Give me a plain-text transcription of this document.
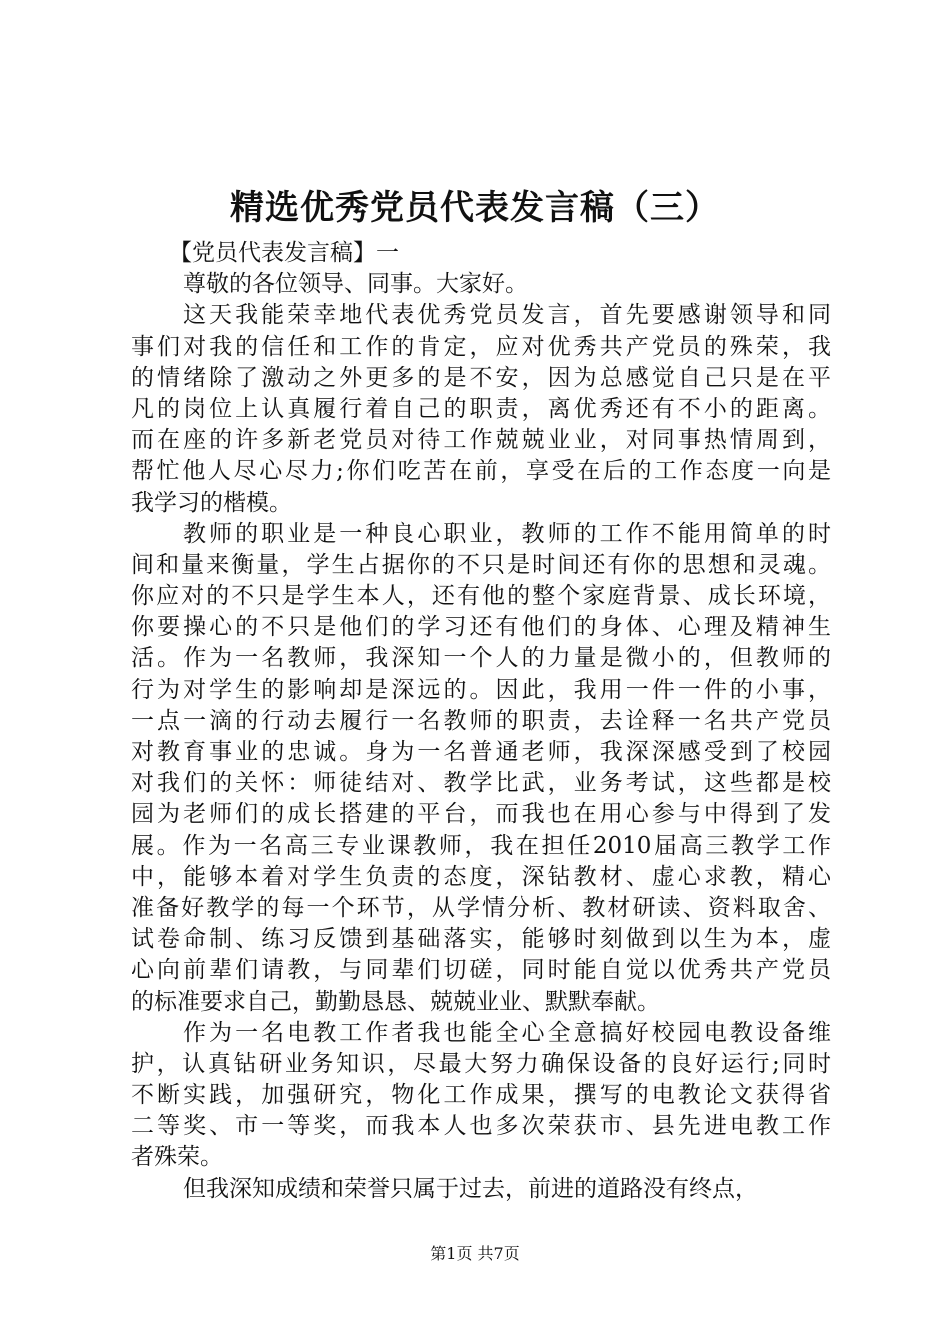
精选优秀党员代表发言稿（三）
【党员代表发言稿】一
尊敬的各位领导、同事。大家好。
这天我能荣幸地代表优秀党员发言，首先要感谢领导和同
事们对我的信任和工作的肯定，应对优秀共产党员的殊荣，我
的情绪除了激动之外更多的是不安，因为总感觉自己只是在平
凡的岗位上认真履行着自己的职责，离优秀还有不小的距离。
而在座的许多新老党员对待工作兢兢业业，对同事热情周到，
帮忙他人尽心尽力;你们吃苦在前，享受在后的工作态度一向是
我学习的楷模。
教师的职业是一种良心职业，教师的工作不能用简单的时
间和量来衡量，学生占据你的不只是时间还有你的思想和灵魂。
你应对的不只是学生本人，还有他的整个家庭背景、成长环境，
你要操心的不只是他们的学习还有他们的身体、心理及精神生
活。作为一名教师，我深知一个人的力量是微小的，但教师的
行为对学生的影响却是深远的。因此，我用一件一件的小事，
一点一滴的行动去履行一名教师的职责，去诠释一名共产党员
对教育事业的忠诚。身为一名普通老师，我深深感受到了校园
对我们的关怀：师徒结对、教学比武，业务考试，这些都是校
园为老师们的成长搭建的平台，而我也在用心参与中得到了发
展。作为一名高三专业课教师，我在担任2010届高三教学工作
中，能够本着对学生负责的态度，深钻教材、虚心求教，精心
准备好教学的每一个环节，从学情分析、教材研读、资料取舍、
试卷命制、练习反馈到基础落实，能够时刻做到以生为本，虚
心向前辈们请教，与同辈们切磋，同时能自觉以优秀共产党员
的标准要求自己，勤勤恳恳、兢兢业业、默默奉献。
作为一名电教工作者我也能全心全意搞好校园电教设备维
护，认真钻研业务知识，尽最大努力确保设备的良好运行;同时
不断实践，加强研究，物化工作成果，撰写的电教论文获得省
二等奖、市一等奖，而我本人也多次荣获市、县先进电教工作
者殊荣。
但我深知成绩和荣誉只属于过去，前进的道路没有终点，
第1页 共7页
